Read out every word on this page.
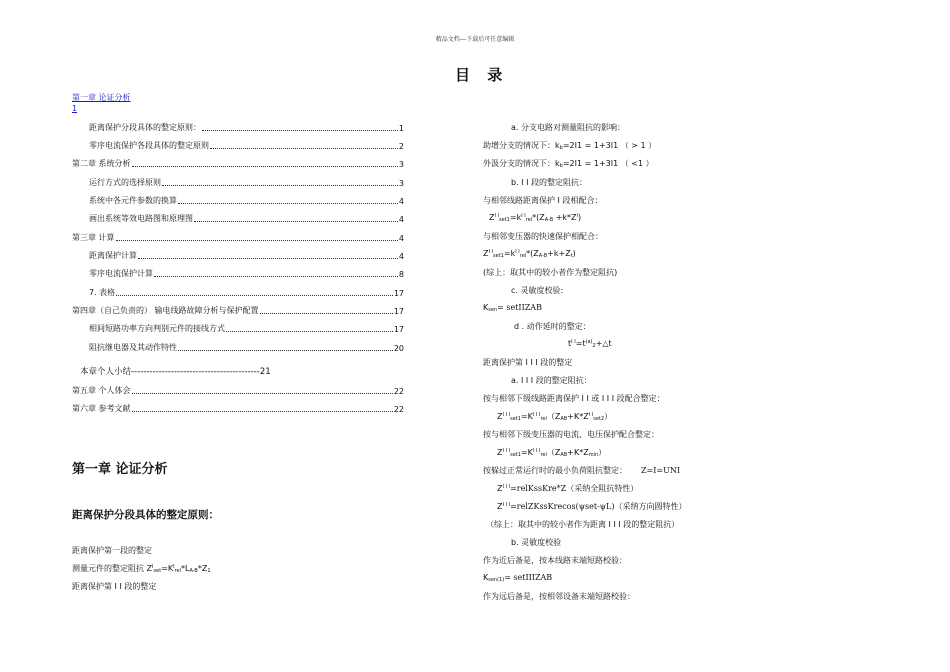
精品文档---下载后可任意编辑
目 录
第一章 论证分析
1
距离保护分段具体的整定原则：	1
零序电流保护各段具体的整定原则	2
第二章 系统分析	3
运行方式的选择原则	3
系统中各元件参数的换算	4
画出系统等效电路图和原理图	4
第三章 计算	4
距离保护计算	4
零序电流保护计算	8
7. 表格	17
第四章（自己负责的） 输电线路故障分析与保护配置	17
相间短路功率方向判别元件的接线方式	17
阻抗继电器及其动作特性	20
本章个人小结------------------------------------------21
第五章 个人体会	22
第六章 参考文献	22
第一章 论证分析
距离保护分段具体的整定原则：
距离保护第一段的整定
测量元件的整定阻抗 $Z^I_{set}=K^I_{rel}*L_{A-B}*Z_1$
距离保护第 I I 段的整定
a. 分支电路对测量阻抗的影响：
助增分支的情况下：$k_b=2I1 = 1+3I1$ （ > 1 ）
外汲分支的情况下：$k_b=2I1 = 1+3I1$ （ <1 ）
b. I I 段的整定阻抗：
与相邻线路距离保护 I 段相配合：
$Z^{I I}_{set1}=k^{I I}_{rel}*(Z_{A-B} +k*Z^I)$
与相邻变压器的快速保护相配合：
$Z^{I I}_{set1}=k^{I I}_{rel}*(Z_{A-B}+k+Z_t)$
(综上：取其中的较小者作为整定阻抗)
c. 灵敏度校验:
$K_{sen}=$ setIIZAB
d . 动作延时的整定：
$t^{I I}=t^{(a)}_2+\triangle t$
距离保护第 I I I 段的整定
a. I I I 段的整定阻抗：
按与相邻下级线路距离保护 I I 或 I I I 段配合整定：
$Z^{I I I}_{set1}=K^{I I I}_{rel}(Z_{AB}+K*Z^{I I}_{set2})$
按与相邻下级变压器的电流、电压保护配合整定：
$Z^{I I I}_{set1}=K^{I I I}_{rel}(Z_{AB}+K*Z_{min})$
按躲过正常运行时的最小负荷阻抗整定： Z=I=UNI
$Z^{I I I}=relKssKre*Z$（采纳全阻抗特性）
$Z^{I I I}=relZKssKrecos(\psi set-\psi L)$（采纳方向圆特性）
（综上：取其中的较小者作为距离 I I I 段的整定阻抗）
b. 灵敏度校验
作为近后备是，按本线路末端短路校验：
$K_{sen(1)}=$ setIIIZAB
作为远后备是，按相邻设备末端短路校验：
